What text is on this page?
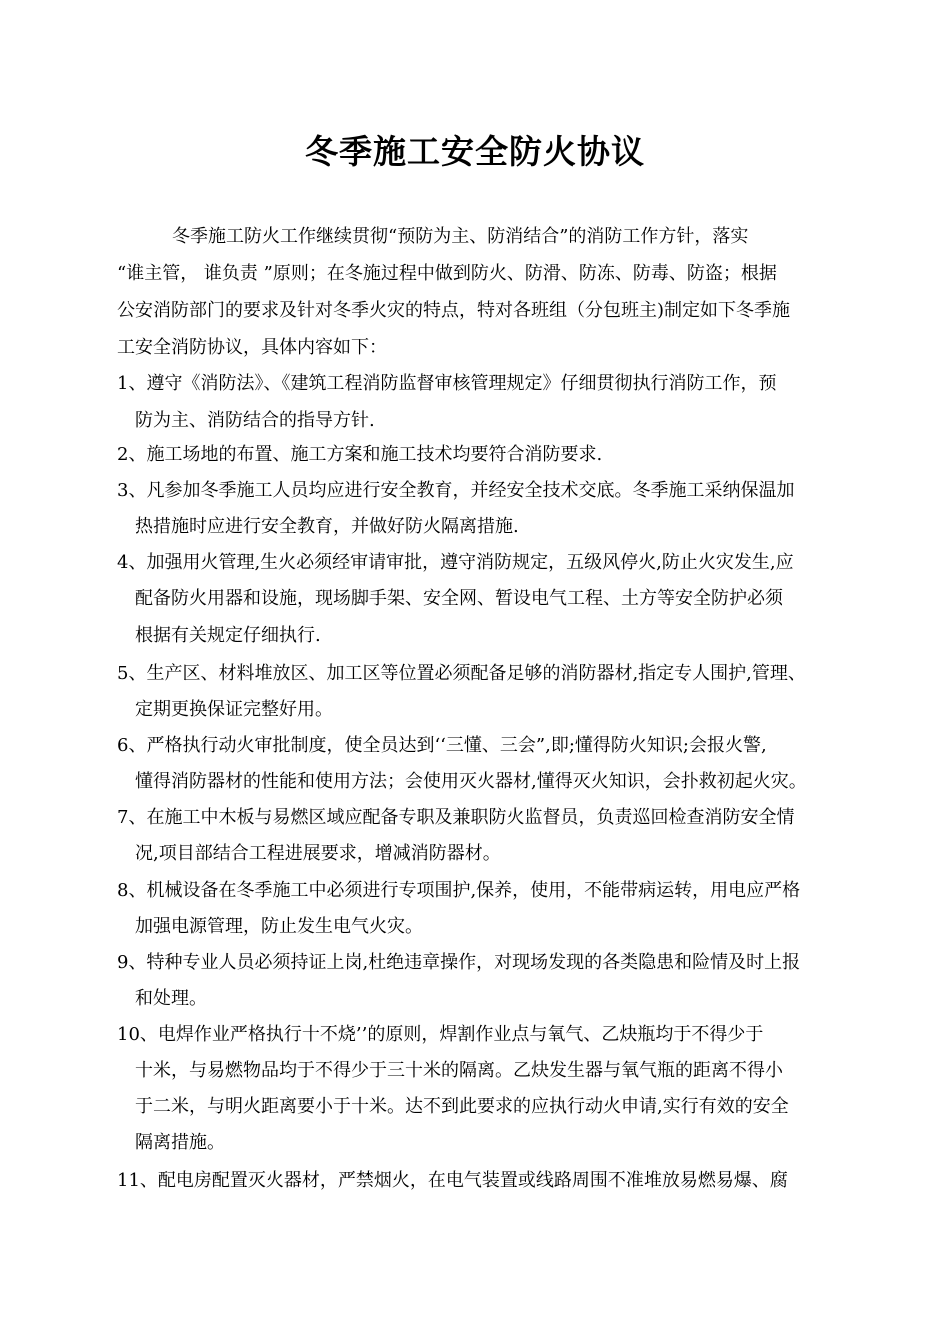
冬季施工安全防火协议
冬季施工防火工作继续贯彻“预防为主、防消结合”的消防工作方针，落实
“谁主管， 谁负责 ”原则；在冬施过程中做到防火、防滑、防冻、防毒、防盗；根据
公安消防部门的要求及针对冬季火灾的特点，特对各班组（分包班主)制定如下冬季施
工安全消防协议，具体内容如下：
1、遵守《消防法》、《建筑工程消防监督审核管理规定》仔细贯彻执行消防工作，预
防为主、消防结合的指导方针.
2、施工场地的布置、施工方案和施工技术均要符合消防要求.
3、凡参加冬季施工人员均应进行安全教育，并经安全技术交底。冬季施工采纳保温加
热措施时应进行安全教育，并做好防火隔离措施.
4、加强用火管理,生火必须经审请审批，遵守消防规定，五级风停火,防止火灾发生,应
配备防火用器和设施，现场脚手架、安全网、暂设电气工程、土方等安全防护必须
根据有关规定仔细执行.
5、生产区、材料堆放区、加工区等位置必须配备足够的消防器材,指定专人围护,管理、
定期更换保证完整好用。
6、严格执行动火审批制度，使全员达到‘‘三懂、三会”,即;懂得防火知识;会报火警,
懂得消防器材的性能和使用方法；会使用灭火器材,懂得灭火知识，会扑救初起火灾。
7、在施工中木板与易燃区域应配备专职及兼职防火监督员，负责巡回检查消防安全情
况,项目部结合工程进展要求，增减消防器材。
8、机械设备在冬季施工中必须进行专项围护,保养，使用，不能带病运转，用电应严格
加强电源管理，防止发生电气火灾。
9、特种专业人员必须持证上岗,杜绝违章操作，对现场发现的各类隐患和险情及时上报
和处理。
10、电焊作业严格执行十不烧’’的原则，焊割作业点与氧气、乙炔瓶均于不得少于
十米，与易燃物品均于不得少于三十米的隔离。乙炔发生器与氧气瓶的距离不得小
于二米，与明火距离要小于十米。达不到此要求的应执行动火申请,实行有效的安全
隔离措施。
11、配电房配置灭火器材，严禁烟火，在电气装置或线路周围不准堆放易燃易爆、腐
